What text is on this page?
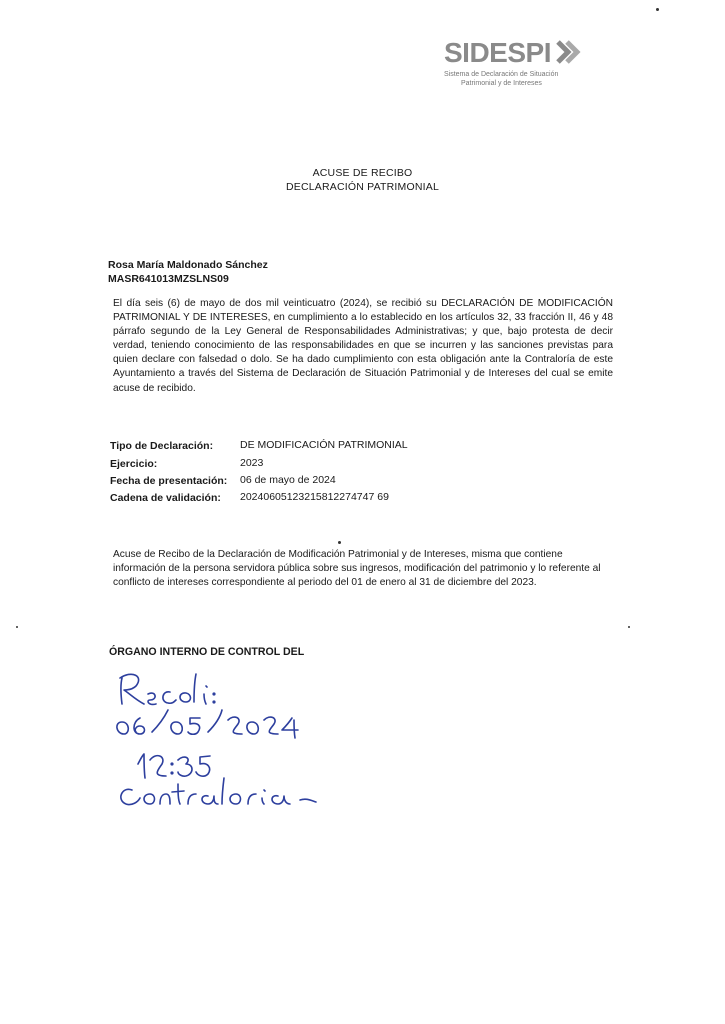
SIDESPI
Sistema de Declaración de Situación
Patrimonial y de Intereses
ACUSE DE RECIBO
DECLARACIÓN PATRIMONIAL
Rosa María Maldonado Sánchez
MASR641013MZSLNS09
El día seis (6) de mayo de dos mil veinticuatro (2024), se recibió su DECLARACIÓN DE MODIFICACIÓN PATRIMONIAL Y DE INTERESES, en cumplimiento a lo establecido en los artículos 32, 33 fracción II, 46 y 48 párrafo segundo de la Ley General de Responsabilidades Administrativas; y que, bajo protesta de decir verdad, teniendo conocimiento de las responsabilidades en que se incurren y las sanciones previstas para quien declare con falsedad o dolo. Se ha dado cumplimiento con esta obligación ante la Contraloría de este Ayuntamiento a través del Sistema de Declaración de Situación Patrimonial y de Intereses del cual se emite acuse de recibido.
Tipo de Declaración:	DE MODIFICACIÓN PATRIMONIAL
Ejercicio:	2023
Fecha de presentación: 06 de mayo de 2024
Cadena de validación: 20240605123215812274747 69
Acuse de Recibo de la Declaración de Modificación Patrimonial y de Intereses, misma que contiene información de la persona servidora pública sobre sus ingresos, modificación del patrimonio y lo referente al conflicto de intereses correspondiente al periodo del 01 de enero al 31 de diciembre del 2023.
ÓRGANO INTERNO DE CONTROL DEL
